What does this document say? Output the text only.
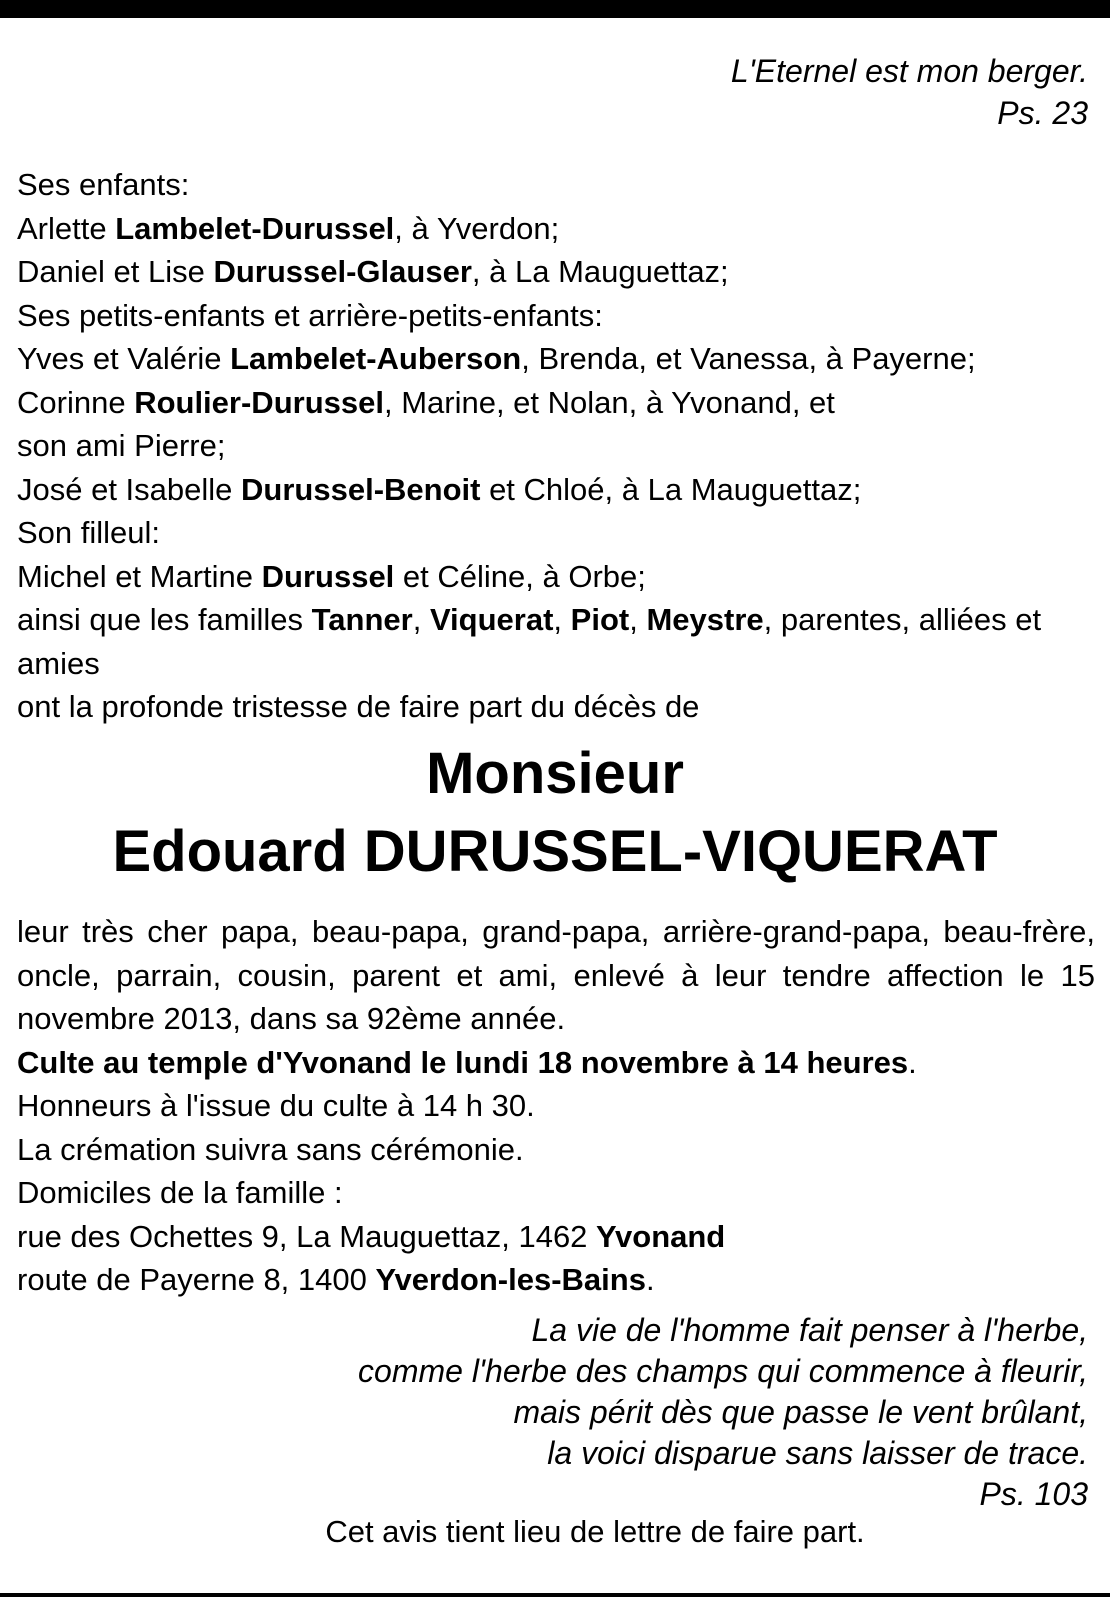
L'Eternel est mon berger.
Ps. 23
Ses enfants:
Arlette Lambelet-Durussel, à Yverdon;
Daniel et Lise Durussel-Glauser, à La Mauguettaz;
Ses petits-enfants et arrière-petits-enfants:
Yves et Valérie Lambelet-Auberson, Brenda, et Vanessa, à Payerne;
Corinne Roulier-Durussel, Marine, et Nolan, à Yvonand, et
son ami Pierre;
José et Isabelle Durussel-Benoit et Chloé, à La Mauguettaz;
Son filleul:
Michel et Martine Durussel et Céline, à Orbe;
ainsi que les familles Tanner, Viquerat, Piot, Meystre, parentes, alliées et amies
ont la profonde tristesse de faire part du décès de
Monsieur
Edouard DURUSSEL-VIQUERAT
leur très cher papa, beau-papa, grand-papa, arrière-grand-papa, beau-frère, oncle, parrain, cousin, parent et ami, enlevé à leur tendre affection le 15 novembre 2013, dans sa 92ème année.
Culte au temple d'Yvonand le lundi 18 novembre à 14 heures.
Honneurs à l'issue du culte à 14 h 30.
La crémation suivra sans cérémonie.
Domiciles de la famille :
rue des Ochettes 9, La Mauguettaz, 1462 Yvonand
route de Payerne 8, 1400 Yverdon-les-Bains.
La vie de l'homme fait penser à l'herbe,
comme l'herbe des champs qui commence à fleurir,
mais périt dès que passe le vent brûlant,
la voici disparue sans laisser de trace.
Ps. 103
Cet avis tient lieu de lettre de faire part.
